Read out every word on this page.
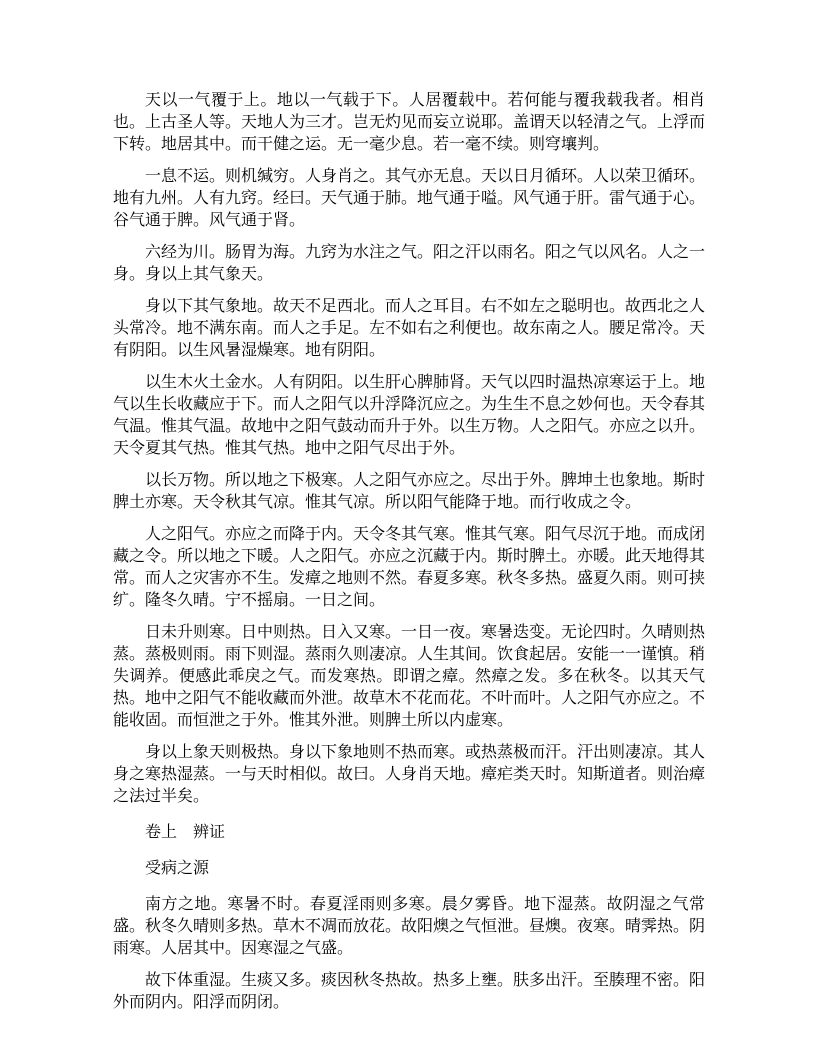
天以一气覆于上。地以一气载于下。人居覆载中。若何能与覆我载我者。相肖也。上古圣人等。天地人为三才。岂无灼见而妄立说耶。盖谓天以轻清之气。上浮而下转。地居其中。而干健之运。无一毫少息。若一毫不续。则穹壤判。

一息不运。则机缄穷。人身肖之。其气亦无息。天以日月循环。人以荣卫循环。地有九州。人有九窍。经曰。天气通于肺。地气通于嗌。风气通于肝。雷气通于心。谷气通于脾。风气通于肾。

六经为川。肠胃为海。九窍为水注之气。阳之汗以雨名。阳之气以风名。人之一身。身以上其气象天。

身以下其气象地。故天不足西北。而人之耳目。右不如左之聪明也。故西北之人头常冷。地不满东南。而人之手足。左不如右之利便也。故东南之人。腰足常冷。天有阴阳。以生风暑湿燥寒。地有阴阳。

以生木火土金水。人有阴阳。以生肝心脾肺肾。天气以四时温热凉寒运于上。地气以生长收藏应于下。而人之阳气以升浮降沉应之。为生生不息之妙何也。天令春其气温。惟其气温。故地中之阳气鼓动而升于外。以生万物。人之阳气。亦应之以升。天令夏其气热。惟其气热。地中之阳气尽出于外。

以长万物。所以地之下极寒。人之阳气亦应之。尽出于外。脾坤土也象地。斯时脾土亦寒。天令秋其气凉。惟其气凉。所以阳气能降于地。而行收成之令。

人之阳气。亦应之而降于内。天令冬其气寒。惟其气寒。阳气尽沉于地。而成闭藏之令。所以地之下暖。人之阳气。亦应之沉藏于内。斯时脾土。亦暖。此天地得其常。而人之灾害亦不生。发瘴之地则不然。春夏多寒。秋冬多热。盛夏久雨。则可挟纩。隆冬久晴。宁不摇扇。一日之间。

日未升则寒。日中则热。日入又寒。一日一夜。寒暑迭变。无论四时。久晴则热蒸。蒸极则雨。雨下则湿。蒸雨久则凄凉。人生其间。饮食起居。安能一一谨慎。稍失调养。便感此乖戾之气。而发寒热。即谓之瘴。然瘴之发。多在秋冬。以其天气热。地中之阳气不能收藏而外泄。故草木不花而花。不叶而叶。人之阳气亦应之。不能收固。而恒泄之于外。惟其外泄。则脾土所以内虚寒。

身以上象天则极热。身以下象地则不热而寒。或热蒸极而汗。汗出则凄凉。其人身之寒热湿蒸。一与天时相似。故曰。人身肖天地。瘴疟类天时。知斯道者。则治瘴之法过半矣。

卷上　辨证

受病之源

南方之地。寒暑不时。春夏淫雨则多寒。晨夕雾昏。地下湿蒸。故阴湿之气常盛。秋冬久晴则多热。草木不凋而放花。故阳燠之气恒泄。昼燠。夜寒。晴霁热。阴雨寒。人居其中。因寒湿之气盛。

故下体重湿。生痰又多。痰因秋冬热故。热多上壅。肤多出汗。至腠理不密。阳外而阴内。阳浮而阴闭。
